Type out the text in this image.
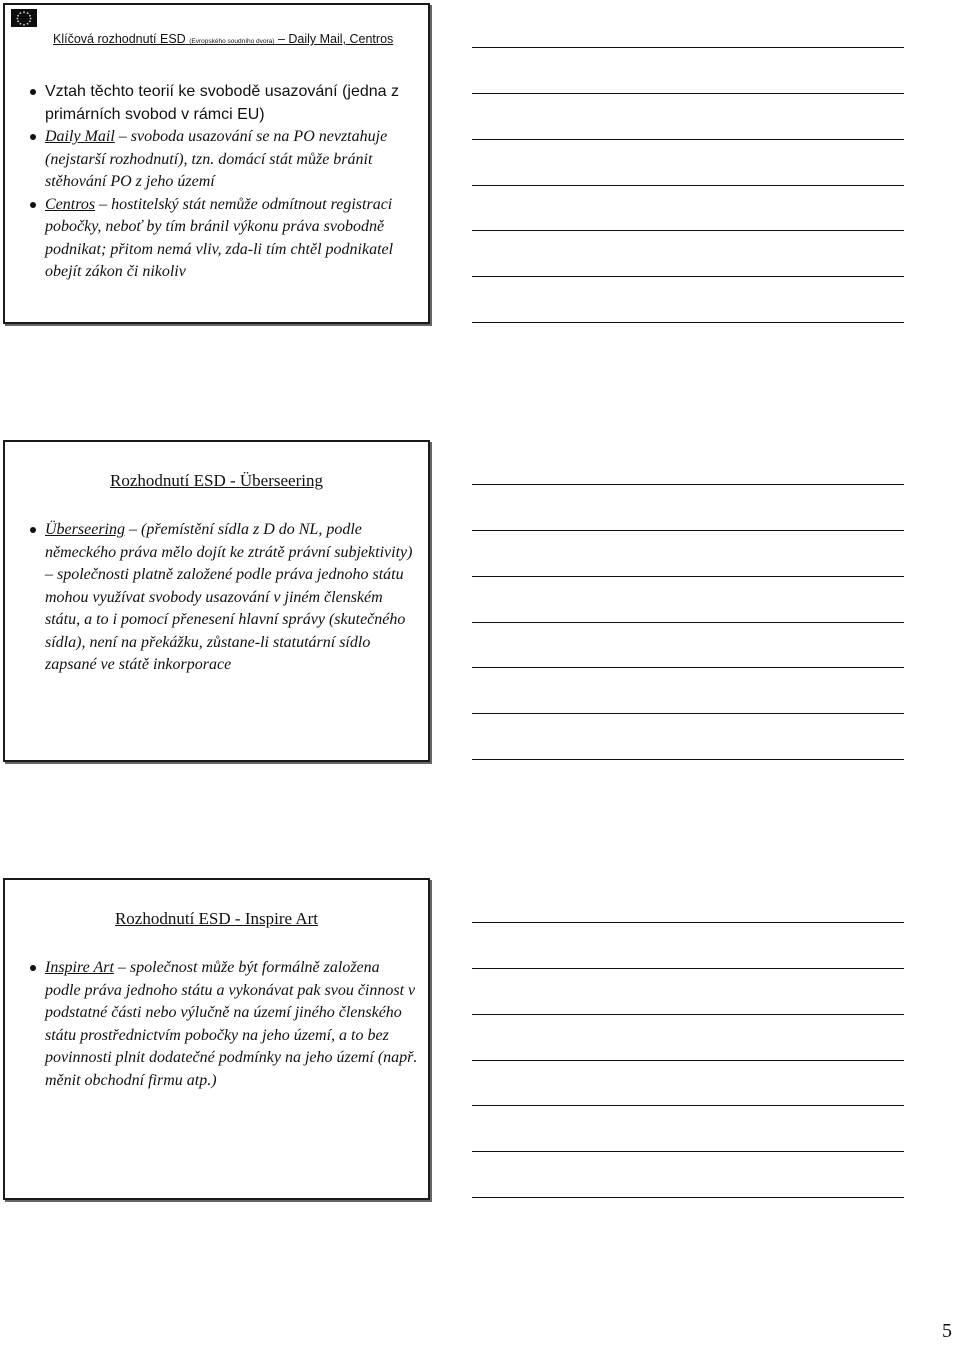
Klíčová rozhodnutí ESD (Evropského soudního dvora) – Daily Mail, Centros
Vztah těchto teorií ke svobodě usazování (jedna z primárních svobod v rámci EU)
Daily Mail – svoboda usazování se na PO nevztahuje (nejstarší rozhodnutí), tzn. domácí stát může bránit stěhování PO z jeho území
Centros – hostitelský stát nemůže odmítnout registraci pobočky, neboť by tím bránil výkonu práva svobodně podnikat; přitom nemá vliv, zda-li tím chtěl podnikatel obejít zákon či nikoliv
Rozhodnutí ESD - Überseering
Überseering – (přemístění sídla z D do NL, podle německého práva mělo dojít ke ztrátě právní subjektivity) – společnosti platně založené podle práva jednoho státu mohou využívat svobody usazování v jiném členském státu, a to i pomocí přenesení hlavní správy (skutečného sídla), není na překážku, zůstane-li statutární sídlo zapsané ve státě inkorporace
Rozhodnutí ESD - Inspire Art
Inspire Art – společnost může být formálně založena podle práva jednoho státu a vykonávat pak svou činnost v podstatné části nebo výlučně na území jiného členského státu prostřednictvím pobočky na jeho území, a to bez povinnosti plnit dodatečné podmínky na jeho území (např. měnit obchodní firmu atp.)
5
